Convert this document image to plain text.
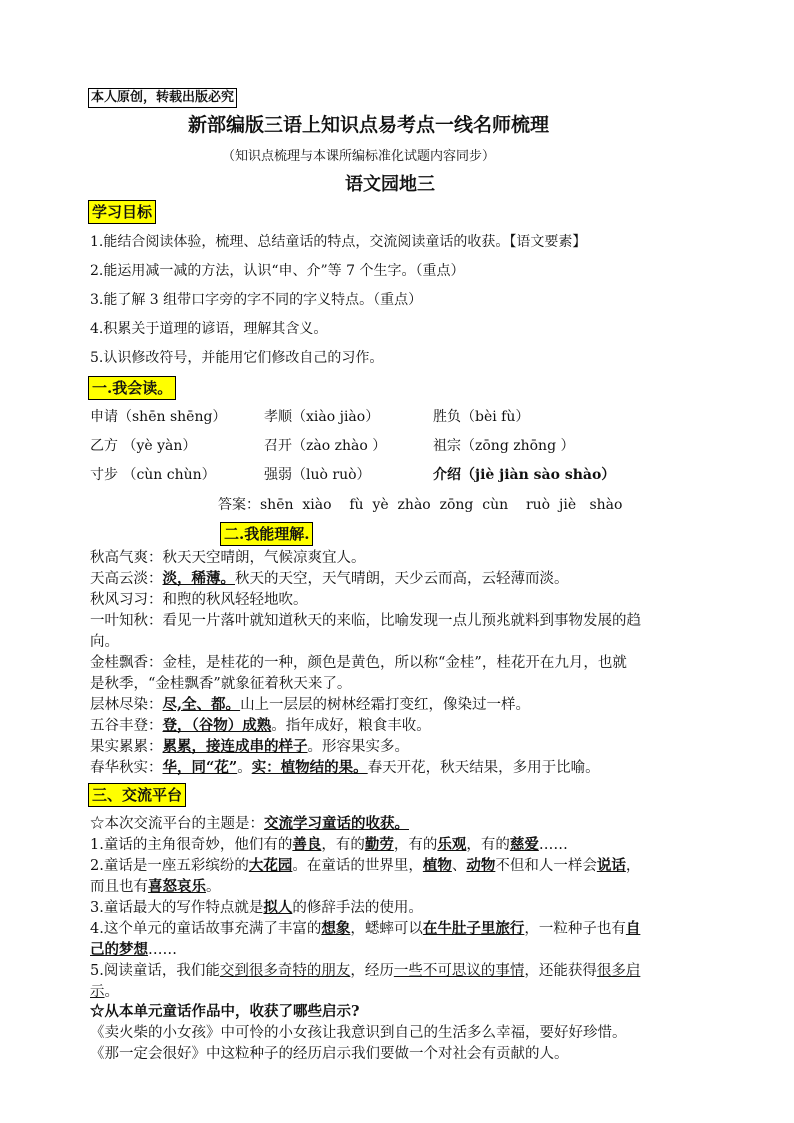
本人原创，转载出版必究
新部编版三语上知识点易考点一线名师梳理
（知识点梳理与本课所编标准化试题内容同步）
语文园地三
学习目标
1.能结合阅读体验，梳理、总结童话的特点，交流阅读童话的收获。【语文要素】
2.能运用减一减的方法，认识“申、介”等 7 个生字。（重点）
3.能了解 3 组带口字旁的字不同的字义特点。（重点）
4.积累关于道理的谚语，理解其含义。
5.认识修改符号，并能用它们修改自己的习作。
一.我会读。
申请（shēn shēng）	孝顺（xiào jiào）	胜负（bèi fù）
乙方 （yè yàn）	召开（zào zhào ）	祖宗（zōng zhōng ）
寸步 （cùn chùn）	强弱（luò ruò）	介绍（jiè jiàn sào shào）
答案：shēn  xiào    fù  yè  zhào  zōng  cùn    ruò  jiè   shào
二.我能理解.
秋高气爽：秋天天空晴朗，气候凉爽宜人。
天高云淡：淡，稀薄。秋天的天空，天气晴朗，天少云而高，云轻薄而淡。
秋风习习：和煦的秋风轻轻地吹。
一叶知秋：看见一片落叶就知道秋天的来临，比喻发现一点儿预兆就料到事物发展的趋
向。
金桂飘香：金桂，是桂花的一种，颜色是黄色，所以称“金桂”，桂花开在九月，也就
是秋季，“金桂飘香”就象征着秋天来了。
层林尽染：尽,全、都。山上一层层的树林经霜打变红，像染过一样。
五谷丰登：登，（谷物）成熟。指年成好，粮食丰收。
果实累累：累累，接连成串的样子。形容果实多。
春华秋实：华，同“花”。实：植物结的果。春天开花，秋天结果，多用于比喻。
三、交流平台
☆本次交流平台的主题是：交流学习童话的收获。
1.童话的主角很奇妙，他们有的善良，有的勤劳，有的乐观，有的慈爱……
2.童话是一座五彩缤纷的大花园。在童话的世界里，植物、动物不但和人一样会说话，
而且也有喜怒哀乐。
3.童话最大的写作特点就是拟人的修辞手法的使用。
4.这个单元的童话故事充满了丰富的想象，蟋蟀可以在牛肚子里旅行，一粒种子也有自
己的梦想……
5.阅读童话，我们能交到很多奇特的朋友，经历一些不可思议的事情，还能获得很多启
示。
☆从本单元童话作品中，收获了哪些启示?
《卖火柴的小女孩》中可怜的小女孩让我意识到自己的生活多么幸福，要好好珍惜。
《那一定会很好》中这粒种子的经历启示我们要做一个对社会有贡献的人。
